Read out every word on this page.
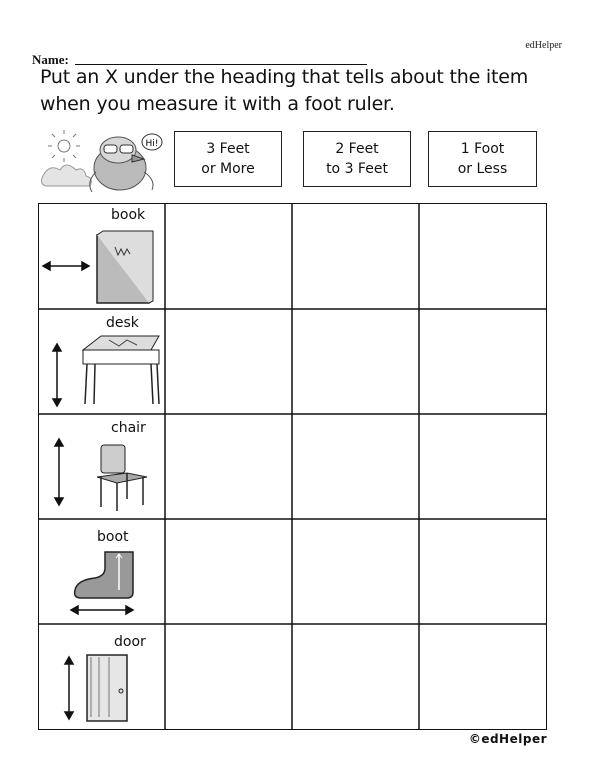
edHelper
Name:
Put an X under the heading that tells about the item when you measure it with a foot ruler.
Hi!	3 Feet
or More
2 Feet
to 3 Feet
1 Foot
or Less
book
desk
chair
boot
door
©edHelper
